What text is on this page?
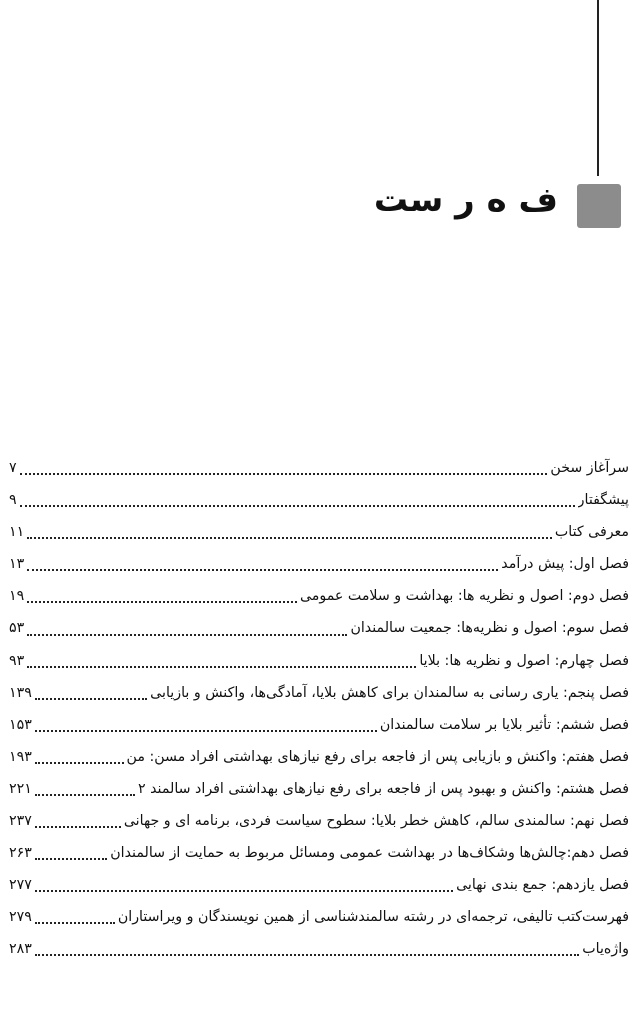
ف ه ر ست
سرآغاز سخن
۷
پیشگفتار
۹
معرفی کتاب
۱۱
فصل اول: پیش درآمد
۱۳
فصل دوم: اصول و نظریه ها: بهداشت و سلامت عمومی
۱۹
فصل سوم: اصول و نظریه‌ها: جمعیت سالمندان
۵۳
فصل چهارم: اصول و نظریه ها: بلایا
۹۳
فصل پنجم: یاری رسانی به سالمندان برای کاهش بلایا، آمادگی‌ها، واکنش و بازیابی
۱۳۹
فصل ششم: تأثیر بلایا بر سلامت سالمندان
۱۵۳
فصل هفتم: واکنش و بازیابی پس از فاجعه برای رفع نیازهای بهداشتی افراد مسن: من
۱۹۳
فصل هشتم: واکنش و بهبود پس از فاجعه برای رفع نیازهای بهداشتی افراد سالمند ۲
۲۲۱
فصل نهم: سالمندی سالم، کاهش خطر بلایا: سطوح سیاست فردی، برنامه ای و جهانی
۲۳۷
فصل دهم:چالش‌ها وشکاف‌ها در بهداشت عمومی ومسائل مربوط به حمایت از سالمندان
۲۶۳
فصل یازدهم: جمع بندی نهایی
۲۷۷
فهرست‌کتب تالیفی، ترجمه‌ای در رشته سالمندشناسی از همین نویسندگان و ویراستاران
۲۷۹
واژه‌یاب
۲۸۳
